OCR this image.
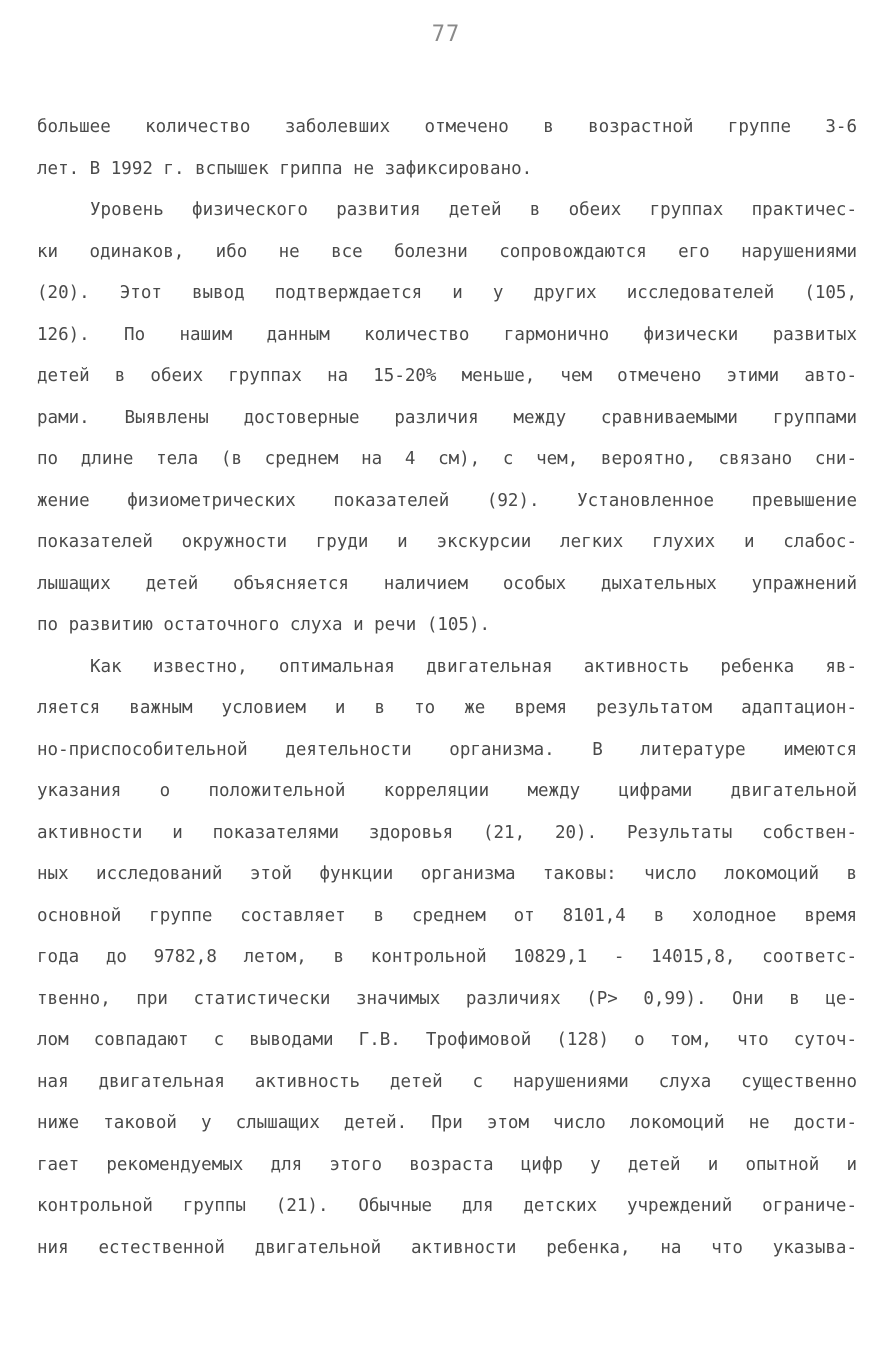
77
большее количество заболевших отмечено в возрастной группе 3-6
лет. В 1992 г. вспышек гриппа не зафиксировано.
Уровень физического развития детей в обеих группах практичес-
ки одинаков, ибо не все болезни сопровождаются его нарушениями
(20). Этот вывод подтверждается и у других исследователей (105,
126). По нашим данным количество гармонично физически развитых
детей в обеих группах на 15-20% меньше, чем отмечено этими авто-
рами. Выявлены достоверные различия между сравниваемыми группами
по длине тела (в среднем на 4 см), с чем, вероятно, связано сни-
жение физиометрических показателей (92). Установленное превышение
показателей окружности груди и экскурсии легких глухих и слабос-
лышащих детей объясняется наличием особых дыхательных упражнений
по развитию остаточного слуха и речи (105).
Как известно, оптимальная двигательная активность ребенка яв-
ляется важным условием и в то же время результатом адаптацион-
но-приспособительной деятельности организма. В литературе имеются
указания о положительной корреляции между цифрами двигательной
активности и показателями здоровья (21, 20). Результаты собствен-
ных исследований этой функции организма таковы: число локомоций в
основной группе составляет в среднем от 8101,4 в холодное время
года до 9782,8 летом, в контрольной 10829,1 - 14015,8, соответс-
твенно, при статистически значимых различиях (P> 0,99). Они в це-
лом совпадают с выводами Г.В. Трофимовой (128) о том, что суточ-
ная двигательная активность детей с нарушениями слуха существенно
ниже таковой у слышащих детей. При этом число локомоций не дости-
гает рекомендуемых для этого возраста цифр у детей и опытной и
контрольной группы (21). Обычные для детских учреждений ограниче-
ния естественной двигательной активности ребенка, на что указыва-
